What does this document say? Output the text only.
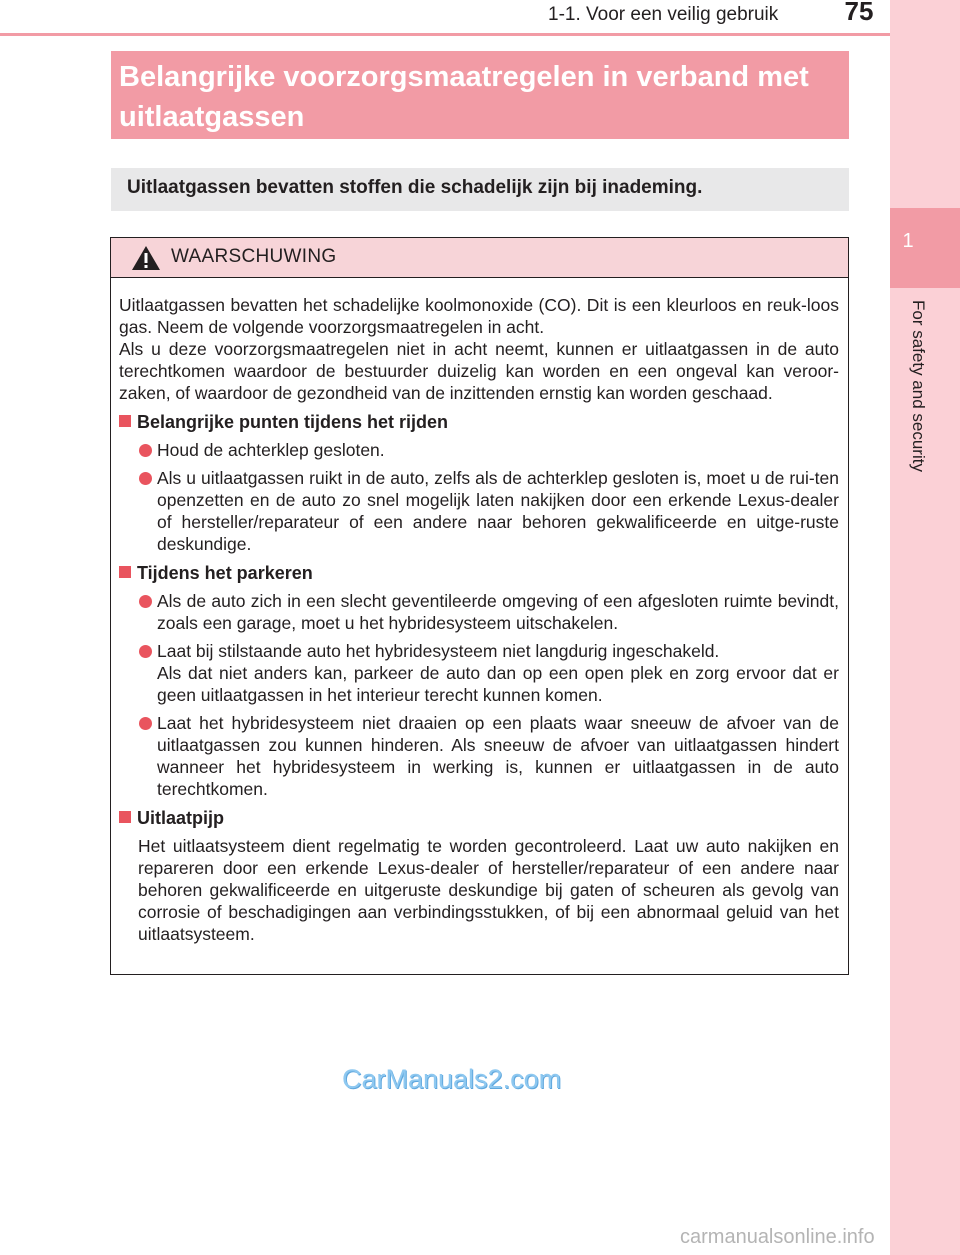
1-1. Voor een veilig gebruik	75
1
For safety and security
Belangrijke voorzorgsmaatregelen in verband met uitlaatgassen
Uitlaatgassen bevatten stoffen die schadelijk zijn bij inademing.
WAARSCHUWING

Uitlaatgassen bevatten het schadelijke koolmonoxide (CO). Dit is een kleurloos en reuk-loos gas. Neem de volgende voorzorgsmaatregelen in acht.

Als u deze voorzorgsmaatregelen niet in acht neemt, kunnen er uitlaatgassen in de auto terechtkomen waardoor de bestuurder duizelig kan worden en een ongeval kan veroor-zaken, of waardoor de gezondheid van de inzittenden ernstig kan worden geschaad.

Belangrijke punten tijdens het rijden
Houd de achterklep gesloten.
Als u uitlaatgassen ruikt in de auto, zelfs als de achterklep gesloten is, moet u de rui-ten openzetten en de auto zo snel mogelijk laten nakijken door een erkende Lexus-dealer of hersteller/reparateur of een andere naar behoren gekwalificeerde en uitge-ruste deskundige.
Tijdens het parkeren
Als de auto zich in een slecht geventileerde omgeving of een afgesloten ruimte bevindt, zoals een garage, moet u het hybridesysteem uitschakelen.
Laat bij stilstaande auto het hybridesysteem niet langdurig ingeschakeld.
Als dat niet anders kan, parkeer de auto dan op een open plek en zorg ervoor dat er geen uitlaatgassen in het interieur terecht kunnen komen.
Laat het hybridesysteem niet draaien op een plaats waar sneeuw de afvoer van de uitlaatgassen zou kunnen hinderen. Als sneeuw de afvoer van uitlaatgassen hindert wanneer het hybridesysteem in werking is, kunnen er uitlaatgassen in de auto terechtkomen.
Uitlaatpijp
Het uitlaatsysteem dient regelmatig te worden gecontroleerd. Laat uw auto nakijken en repareren door een erkende Lexus-dealer of hersteller/reparateur of een andere naar behoren gekwalificeerde en uitgeruste deskundige bij gaten of scheuren als gevolg van corrosie of beschadigingen aan verbindingsstukken, of bij een abnormaal geluid van het uitlaatsysteem.
CarManuals2.com
carmanualsonline.info
